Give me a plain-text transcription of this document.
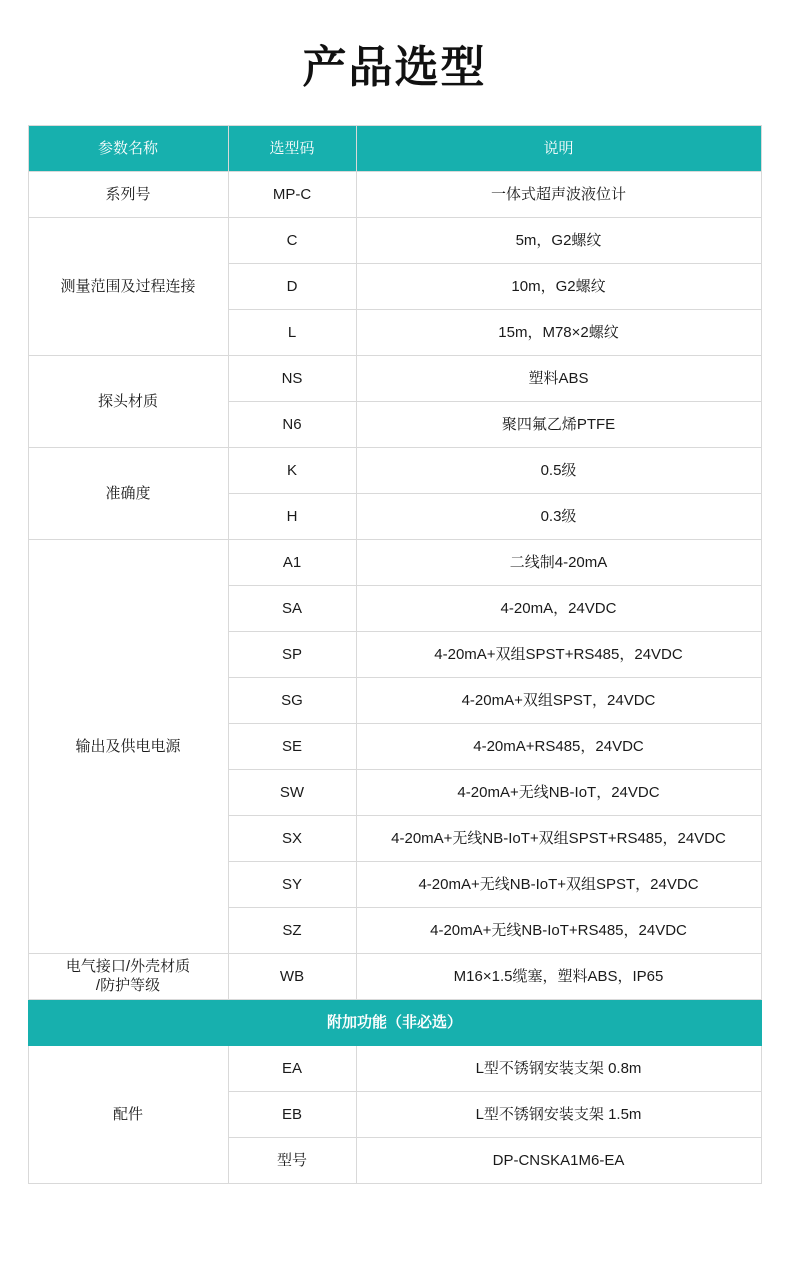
产品选型
参数名称	选型码	说明
系列号	MP-C	一体式超声波液位计
测量范围及过程连接	C	5m，G2螺纹
	D	10m，G2螺纹
	L	15m，M78×2螺纹
探头材质	NS	塑料ABS
	N6	聚四氟乙烯PTFE
准确度	K	0.5级
	H	0.3级
输出及供电电源	A1	二线制4-20mA
	SA	4-20mA，24VDC
	SP	4-20mA+双组SPST+RS485，24VDC
	SG	4-20mA+双组SPST，24VDC
	SE	4-20mA+RS485，24VDC
	SW	4-20mA+无线NB-IoT，24VDC
	SX	4-20mA+无线NB-IoT+双组SPST+RS485，24VDC
	SY	4-20mA+无线NB-IoT+双组SPST，24VDC
	SZ	4-20mA+无线NB-IoT+RS485，24VDC
电气接口/外壳材质
/防护等级	WB	M16×1.5缆塞，塑料ABS，IP65
附加功能（非必选）		
配件	EA	L型不锈钢安装支架 0.8m
	EB	L型不锈钢安装支架 1.5m
	型号	DP-CNSKA1M6-EA
